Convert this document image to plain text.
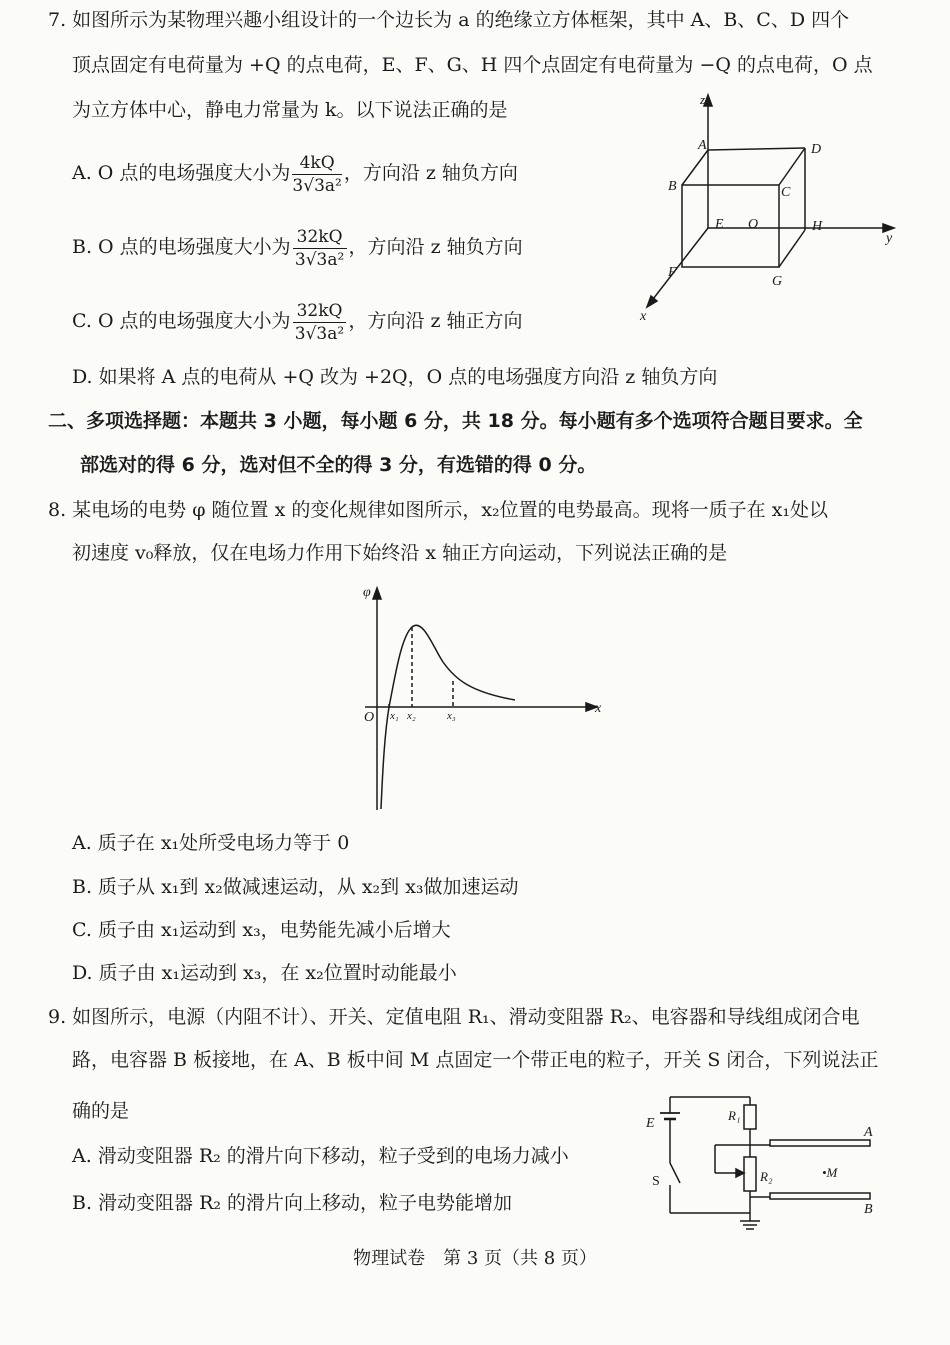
7. 如图所示为某物理兴趣小组设计的一个边长为 a 的绝缘立方体框架，其中 A、B、C、D 四个
顶点固定有电荷量为 +Q 的点电荷，E、F、G、H 四个点固定有电荷量为 −Q 的点电荷，O 点
为立方体中心，静电力常量为 k。以下说法正确的是
A. O 点的电场强度大小为 $\frac{4kQ}{\text{3√3a²}}$ ，方向沿 z 轴负方向
B. O 点的电场强度大小为 $\frac{32kQ}{\text{3√3a²}}$ ，方向沿 z 轴负方向
C. O 点的电场强度大小为 $\frac{32kQ}{\text{3√3a²}}$ ，方向沿 z 轴正方向
D. 如果将 A 点的电荷从 +Q 改为 +2Q，O 点的电场强度方向沿 z 轴负方向
z
y
x
A	D
B	C
E O	H
F
G
二、多项选择题：本题共 3 小题，每小题 6 分，共 18 分。每小题有多个选项符合题目要求。全
部选对的得 6 分，选对但不全的得 3 分，有选错的得 0 分。
8. 某电场的电势 φ 随位置 x 的变化规律如图所示，x₂位置的电势最高。现将一质子在 x₁处以
初速度 v₀释放，仅在电场力作用下始终沿 x 轴正方向运动，下列说法正确的是
φ
x
O x₁ x₂	x₃
A. 质子在 x₁处所受电场力等于 0
B. 质子从 x₁到 x₂做减速运动，从 x₂到 x₃做加速运动
C. 质子由 x₁运动到 x₃，电势能先减小后增大
D. 质子由 x₁运动到 x₃，在 x₂位置时动能最小
9. 如图所示，电源（内阻不计）、开关、定值电阻 R₁、滑动变阻器 R₂、电容器和导线组成闭合电
路，电容器 B 板接地，在 A、B 板中间 M 点固定一个带正电的粒子，开关 S 闭合，下列说法正
确的是
A. 滑动变阻器 R₂ 的滑片向下移动，粒子受到的电场力减小
B. 滑动变阻器 R₂ 的滑片向上移动，粒子电势能增加
E
S
R₁
R₂
A
B
•M
物理试卷　第 3 页（共 8 页）
